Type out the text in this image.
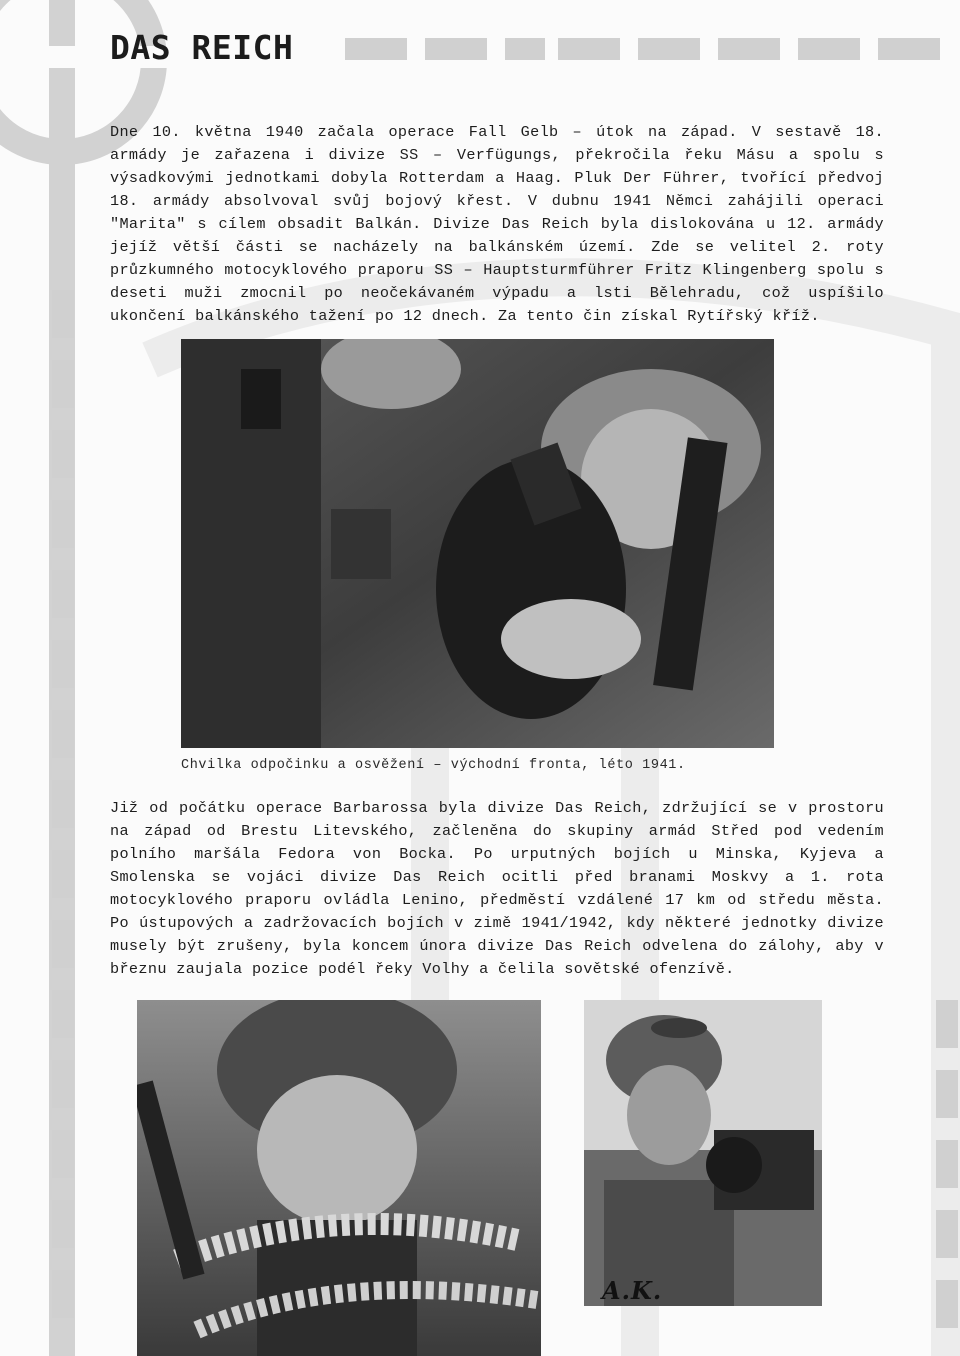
DAS REICH

Dne 10. května 1940 začala operace Fall Gelb – útok na západ. V sestavě 18. armády je zařazena i divize SS – Verfügungs, překročila řeku Másu a spolu s výsadkovými jednotkami dobyla Rotterdam a Haag. Pluk Der Führer, tvořící předvoj 18. armády absolvoval svůj bojový křest. V dubnu 1941 Němci zahájili operaci "Marita" s cílem obsadit Balkán. Divize Das Reich byla dislokována u 12. armády jejíž větší části se nacházely na balkánském území. Zde se velitel 2. roty průzkumného motocyklového praporu SS – Hauptsturmführer Fritz Klingenberg spolu s deseti muži zmocnil po neočekávaném výpadu a lsti Bělehradu, což uspíšilo ukončení balkánského tažení po 12 dnech. Za tento čin získal Rytířský kříž.

Chvilka odpočinku a osvěžení – východní fronta, léto 1941.

Již od počátku operace Barbarossa byla divize Das Reich, zdržující se v prostoru na západ od Brestu Litevského, začleněna do skupiny armád Střed pod vedením polního maršála Fedora von Bocka. Po urputných bojích u Minska, Kyjeva a Smolenska se vojáci divize Das Reich ocitli před branami Moskvy a 1. rota motocyklového praporu ovládla Lenino, předměstí vzdálené 17 km od středu města. Po ústupových a zadržovacích bojích v zimě 1941/1942, kdy některé jednotky divize musely být zrušeny, byla koncem února divize Das Reich odvelena do zálohy, aby v březnu zaujala pozice podél řeky Volhy a čelila sovětské ofenzívě.

A.K.
